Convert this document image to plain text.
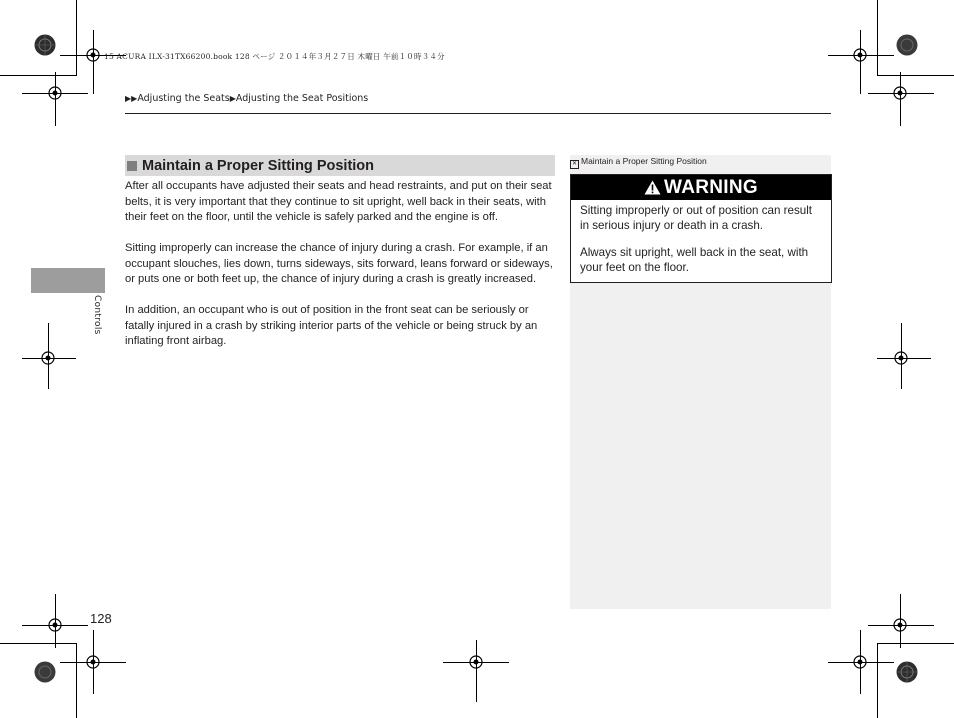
15 ACURA ILX-31TX66200.book 128 ページ ２０１４年３月２７日 木曜日 午前１０時３４分
▶▶Adjusting the Seats▶Adjusting the Seat Positions
Controls
Maintain a Proper Sitting Position

After all occupants have adjusted their seats and head restraints, and put on their seat belts, it is very important that they continue to sit upright, well back in their seats, with their feet on the floor, until the vehicle is safely parked and the engine is off.

Sitting improperly can increase the chance of injury during a crash. For example, if an occupant slouches, lies down, turns sideways, sits forward, leans forward or sideways, or puts one or both feet up, the chance of injury during a crash is greatly increased.

In addition, an occupant who is out of position in the front seat can be seriously or fatally injured in a crash by striking interior parts of the vehicle or being struck by an inflating front airbag.

✕ Maintain a Proper Sitting Position
WARNING

Sitting improperly or out of position can result in serious injury or death in a crash.

Always sit upright, well back in the seat, with your feet on the floor.

128
